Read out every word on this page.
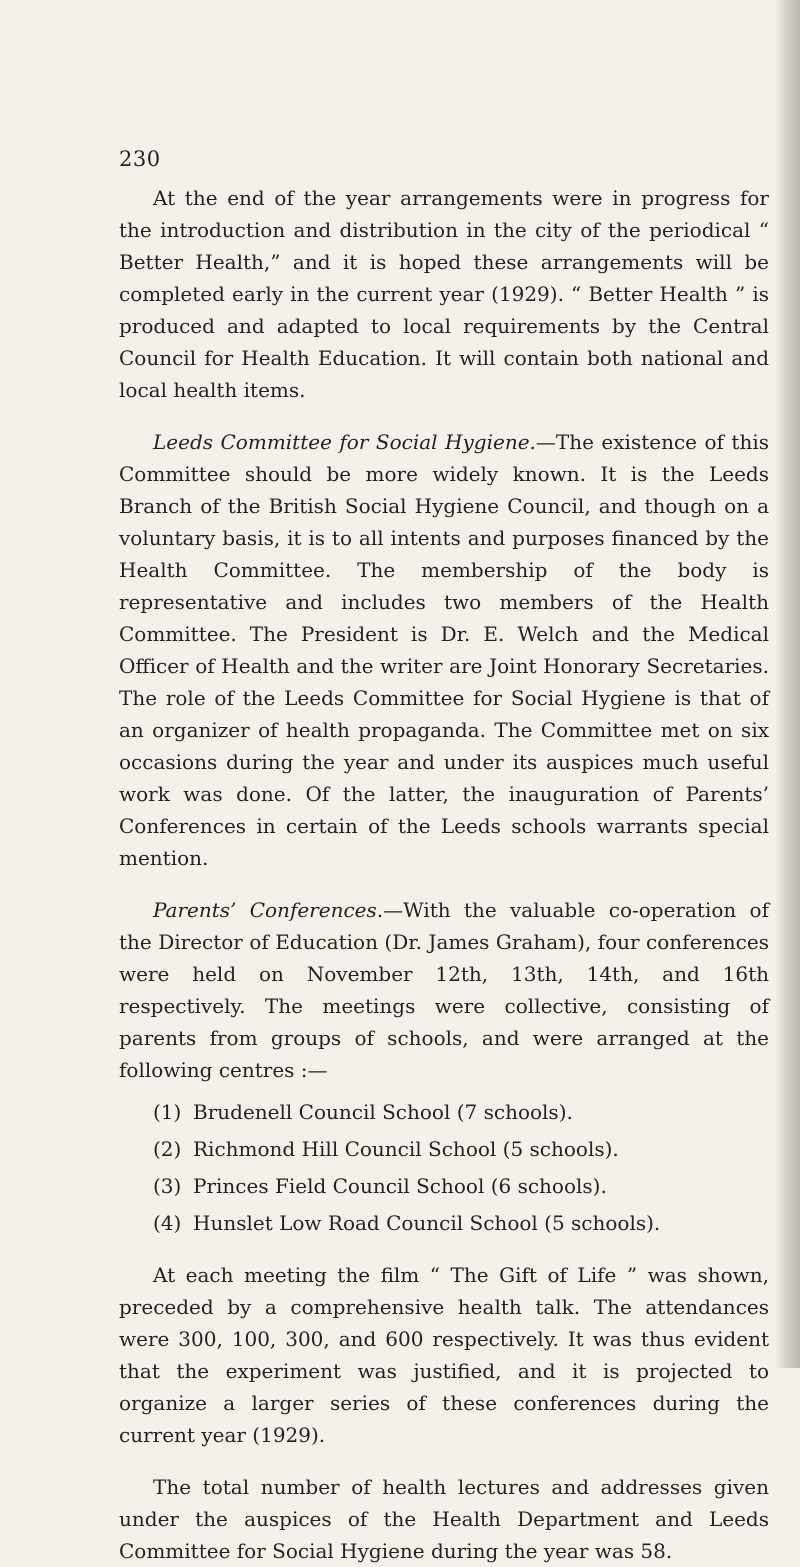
230

At the end of the year arrangements were in progress for the introduction and distribution in the city of the periodical “ Better Health,” and it is hoped these arrangements will be completed early in the current year (1929). “ Better Health ” is produced and adapted to local requirements by the Central Council for Health Education. It will contain both national and local health items.

Leeds Committee for Social Hygiene.—The existence of this Committee should be more widely known. It is the Leeds Branch of the British Social Hygiene Council, and though on a voluntary basis, it is to all intents and purposes financed by the Health Committee. The membership of the body is representative and includes two members of the Health Committee. The President is Dr. E. Welch and the Medical Officer of Health and the writer are Joint Honorary Secretaries. The role of the Leeds Committee for Social Hygiene is that of an organizer of health propaganda. The Committee met on six occasions during the year and under its auspices much useful work was done. Of the latter, the inauguration of Parents’ Conferences in certain of the Leeds schools warrants special mention.

Parents’ Conferences.—With the valuable co-operation of the Director of Education (Dr. James Graham), four conferences were held on November 12th, 13th, 14th, and 16th respectively. The meetings were collective, consisting of parents from groups of schools, and were arranged at the following centres :—

(1) Brudenell Council School (7 schools).
(2) Richmond Hill Council School (5 schools).
(3) Princes Field Council School (6 schools).
(4) Hunslet Low Road Council School (5 schools).

At each meeting the film “ The Gift of Life ” was shown, preceded by a comprehensive health talk. The attendances were 300, 100, 300, and 600 respectively. It was thus evident that the experiment was justified, and it is projected to organize a larger series of these conferences during the current year (1929).

The total number of health lectures and addresses given under the auspices of the Health Department and Leeds Committee for Social Hygiene during the year was 58.
